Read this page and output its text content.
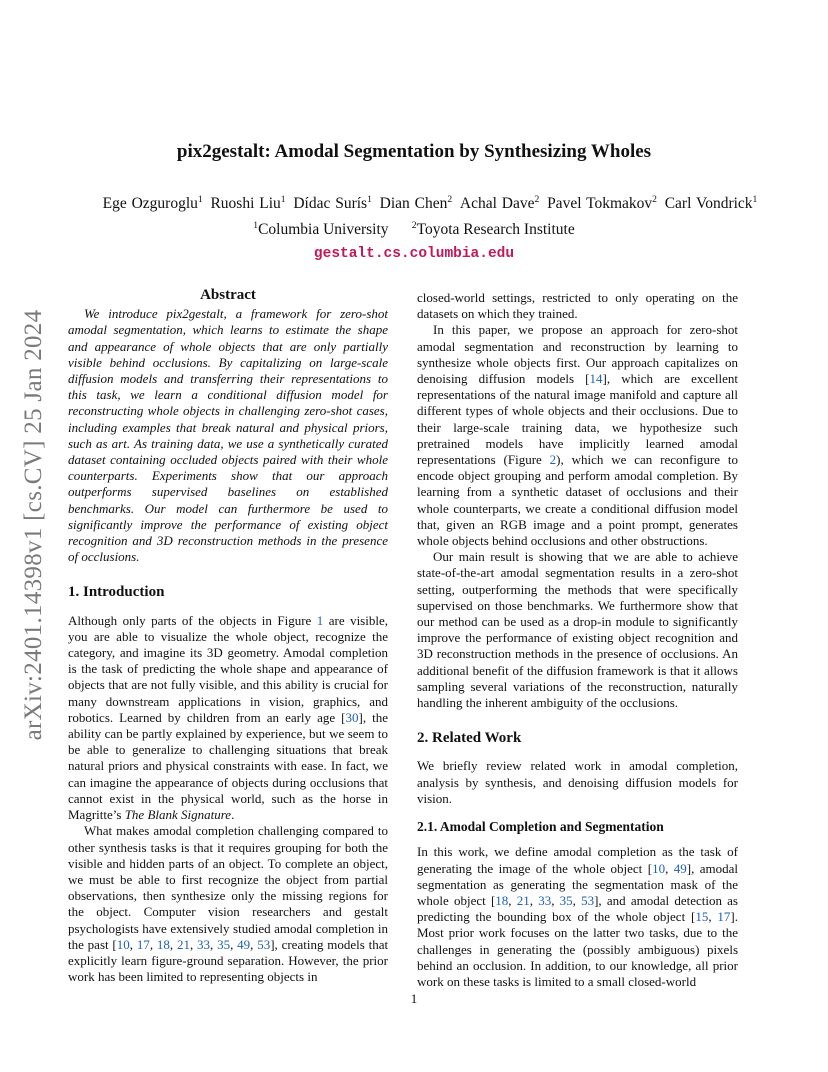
arXiv:2401.14398v1 [cs.CV] 25 Jan 2024
pix2gestalt: Amodal Segmentation by Synthesizing Wholes
Ege Ozguroglu$^1$  Ruoshi Liu$^1$  Dídac Surís$^1$  Dian Chen$^2$  Achal Dave$^2$  Pavel Tokmakov$^2$  Carl Vondrick$^1$
$^1$Columbia University   $^2$Toyota Research Institute
gestalt.cs.columbia.edu
Abstract

We introduce pix2gestalt, a framework for zero-shot amodal segmentation, which learns to estimate the shape and appearance of whole objects that are only partially visible behind occlusions. By capitalizing on large-scale diffusion models and transferring their representations to this task, we learn a conditional diffusion model for reconstructing whole objects in challenging zero-shot cases, including examples that break natural and physical priors, such as art. As training data, we use a synthetically curated dataset containing occluded objects paired with their whole counterparts. Experiments show that our approach outperforms supervised baselines on established benchmarks. Our model can furthermore be used to significantly improve the performance of existing object recognition and 3D reconstruction methods in the presence of occlusions.

1. Introduction

Although only parts of the objects in Figure 1 are visible, you are able to visualize the whole object, recognize the category, and imagine its 3D geometry. Amodal completion is the task of predicting the whole shape and appearance of objects that are not fully visible, and this ability is crucial for many downstream applications in vision, graphics, and robotics. Learned by children from an early age [30], the ability can be partly explained by experience, but we seem to be able to generalize to challenging situations that break natural priors and physical constraints with ease. In fact, we can imagine the appearance of objects during occlusions that cannot exist in the physical world, such as the horse in Magritte’s The Blank Signature.

What makes amodal completion challenging compared to other synthesis tasks is that it requires grouping for both the visible and hidden parts of an object. To complete an object, we must be able to first recognize the object from partial observations, then synthesize only the missing regions for the object. Computer vision researchers and gestalt psychologists have extensively studied amodal completion in the past [10, 17, 18, 21, 33, 35, 49, 53], creating models that explicitly learn figure-ground separation. However, the prior work has been limited to representing objects in

closed-world settings, restricted to only operating on the datasets on which they trained.

In this paper, we propose an approach for zero-shot amodal segmentation and reconstruction by learning to synthesize whole objects first. Our approach capitalizes on denoising diffusion models [14], which are excellent representations of the natural image manifold and capture all different types of whole objects and their occlusions. Due to their large-scale training data, we hypothesize such pretrained models have implicitly learned amodal representations (Figure 2), which we can reconfigure to encode object grouping and perform amodal completion. By learning from a synthetic dataset of occlusions and their whole counterparts, we create a conditional diffusion model that, given an RGB image and a point prompt, generates whole objects behind occlusions and other obstructions.

Our main result is showing that we are able to achieve state-of-the-art amodal segmentation results in a zero-shot setting, outperforming the methods that were specifically supervised on those benchmarks. We furthermore show that our method can be used as a drop-in module to significantly improve the performance of existing object recognition and 3D reconstruction methods in the presence of occlusions. An additional benefit of the diffusion framework is that it allows sampling several variations of the reconstruction, naturally handling the inherent ambiguity of the occlusions.

2. Related Work

We briefly review related work in amodal completion, analysis by synthesis, and denoising diffusion models for vision.

2.1. Amodal Completion and Segmentation

In this work, we define amodal completion as the task of generating the image of the whole object [10, 49], amodal segmentation as generating the segmentation mask of the whole object [18, 21, 33, 35, 53], and amodal detection as predicting the bounding box of the whole object [15, 17]. Most prior work focuses on the latter two tasks, due to the challenges in generating the (possibly ambiguous) pixels behind an occlusion. In addition, to our knowledge, all prior work on these tasks is limited to a small closed-world

1
